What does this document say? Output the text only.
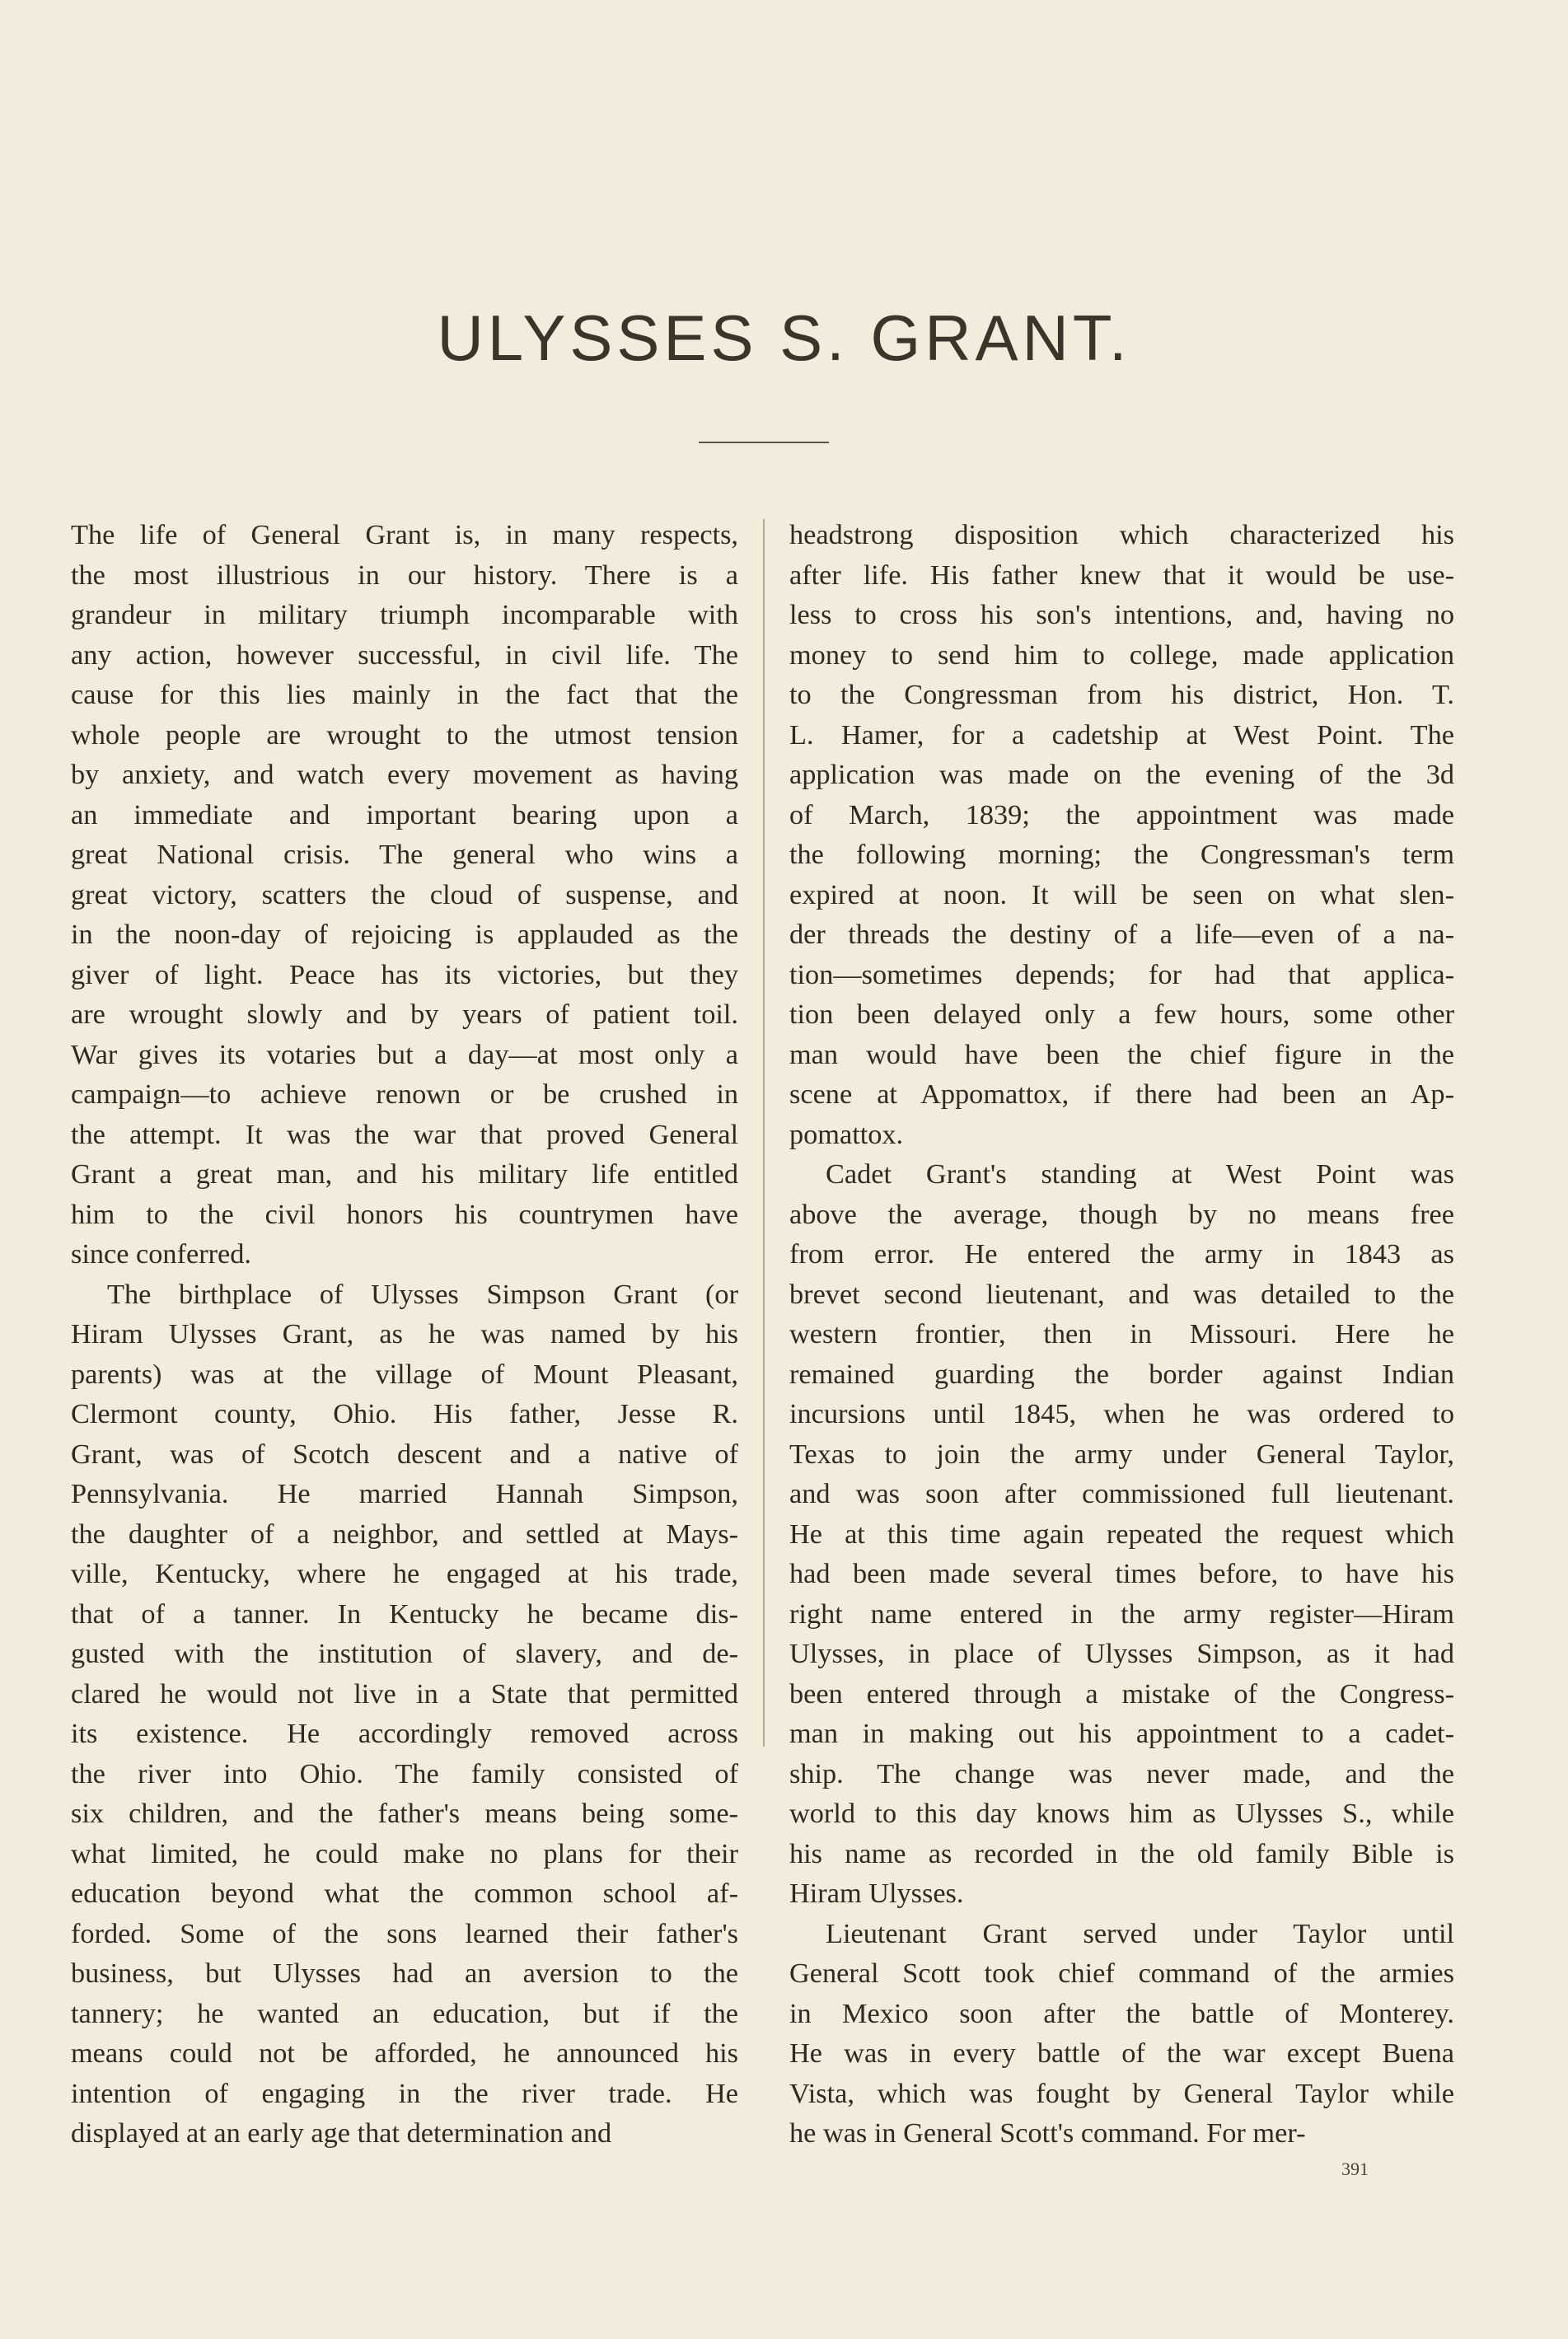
ULYSSES S. GRANT.
The life of General Grant is, in many respects,
the most illustrious in our history. There is a
grandeur in military triumph incomparable with
any action, however successful, in civil life. The
cause for this lies mainly in the fact that the
whole people are wrought to the utmost tension
by anxiety, and watch every movement as having
an immediate and important bearing upon a
great National crisis. The general who wins a
great victory, scatters the cloud of suspense, and
in the noon-day of rejoicing is applauded as the
giver of light. Peace has its victories, but they
are wrought slowly and by years of patient toil.
War gives its votaries but a day—at most only a
campaign—to achieve renown or be crushed in
the attempt. It was the war that proved General
Grant a great man, and his military life entitled
him to the civil honors his countrymen have
since conferred.
The birthplace of Ulysses Simpson Grant (or
Hiram Ulysses Grant, as he was named by his
parents) was at the village of Mount Pleasant,
Clermont county, Ohio. His father, Jesse R.
Grant, was of Scotch descent and a native of
Pennsylvania. He married Hannah Simpson,
the daughter of a neighbor, and settled at Mays-
ville, Kentucky, where he engaged at his trade,
that of a tanner. In Kentucky he became dis-
gusted with the institution of slavery, and de-
clared he would not live in a State that permitted
its existence. He accordingly removed across
the river into Ohio. The family consisted of
six children, and the father's means being some-
what limited, he could make no plans for their
education beyond what the common school af-
forded. Some of the sons learned their father's
business, but Ulysses had an aversion to the
tannery; he wanted an education, but if the
means could not be afforded, he announced his
intention of engaging in the river trade. He
displayed at an early age that determination and
headstrong disposition which characterized his
after life. His father knew that it would be use-
less to cross his son's intentions, and, having no
money to send him to college, made application
to the Congressman from his district, Hon. T.
L. Hamer, for a cadetship at West Point. The
application was made on the evening of the 3d
of March, 1839; the appointment was made
the following morning; the Congressman's term
expired at noon. It will be seen on what slen-
der threads the destiny of a life—even of a na-
tion—sometimes depends; for had that applica-
tion been delayed only a few hours, some other
man would have been the chief figure in the
scene at Appomattox, if there had been an Ap-
pomattox.
Cadet Grant's standing at West Point was
above the average, though by no means free
from error. He entered the army in 1843 as
brevet second lieutenant, and was detailed to the
western frontier, then in Missouri. Here he
remained guarding the border against Indian
incursions until 1845, when he was ordered to
Texas to join the army under General Taylor,
and was soon after commissioned full lieutenant.
He at this time again repeated the request which
had been made several times before, to have his
right name entered in the army register—Hiram
Ulysses, in place of Ulysses Simpson, as it had
been entered through a mistake of the Congress-
man in making out his appointment to a cadet-
ship. The change was never made, and the
world to this day knows him as Ulysses S., while
his name as recorded in the old family Bible is
Hiram Ulysses.
Lieutenant Grant served under Taylor until
General Scott took chief command of the armies
in Mexico soon after the battle of Monterey.
He was in every battle of the war except Buena
Vista, which was fought by General Taylor while
he was in General Scott's command. For mer-
391
